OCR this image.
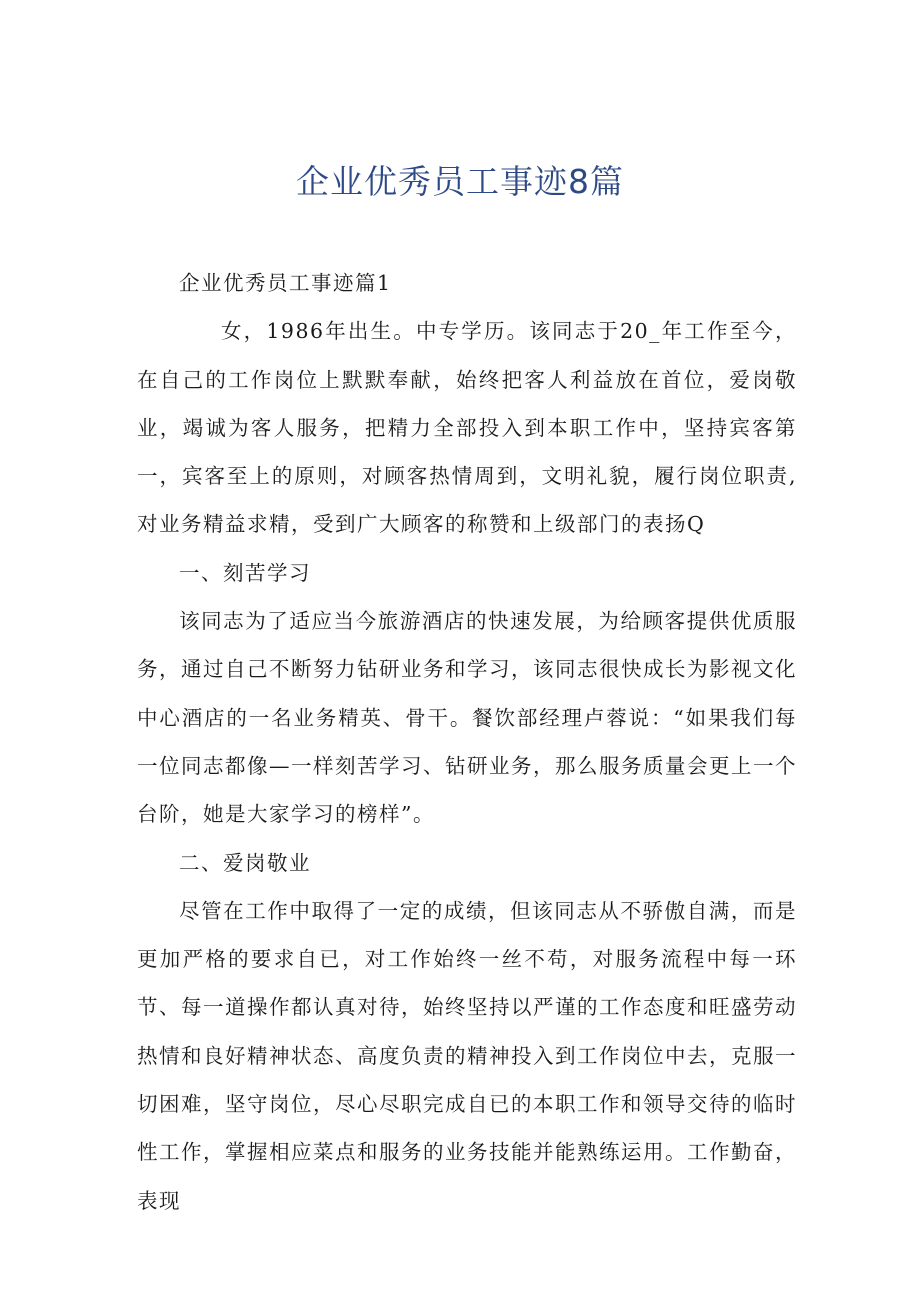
企业优秀员工事迹8篇

企业优秀员工事迹篇1

女，1986年出生。中专学历。该同志于20_年工作至今，在自己的工作岗位上默默奉献，始终把客人利益放在首位，爱岗敬业，竭诚为客人服务，把精力全部投入到本职工作中，坚持宾客第一，宾客至上的原则，对顾客热情周到，文明礼貌，履行岗位职责,对业务精益求精，受到广大顾客的称赞和上级部门的表扬Q

一、刻苦学习

该同志为了适应当今旅游酒店的快速发展，为给顾客提供优质服务，通过自己不断努力钻研业务和学习，该同志很快成长为影视文化中心酒店的一名业务精英、骨干。餐饮部经理卢蓉说：“如果我们每一位同志都像—一样刻苦学习、钻研业务，那么服务质量会更上一个台阶，她是大家学习的榜样”。

二、爱岗敬业

尽管在工作中取得了一定的成绩，但该同志从不骄傲自满，而是更加严格的要求自已，对工作始终一丝不苟，对服务流程中每一环节、每一道操作都认真对待，始终坚持以严谨的工作态度和旺盛劳动热情和良好精神状态、高度负责的精神投入到工作岗位中去，克服一切困难，坚守岗位，尽心尽职完成自已的本职工作和领导交待的临时性工作，掌握相应菜点和服务的业务技能并能熟练运用。工作勤奋，表现
